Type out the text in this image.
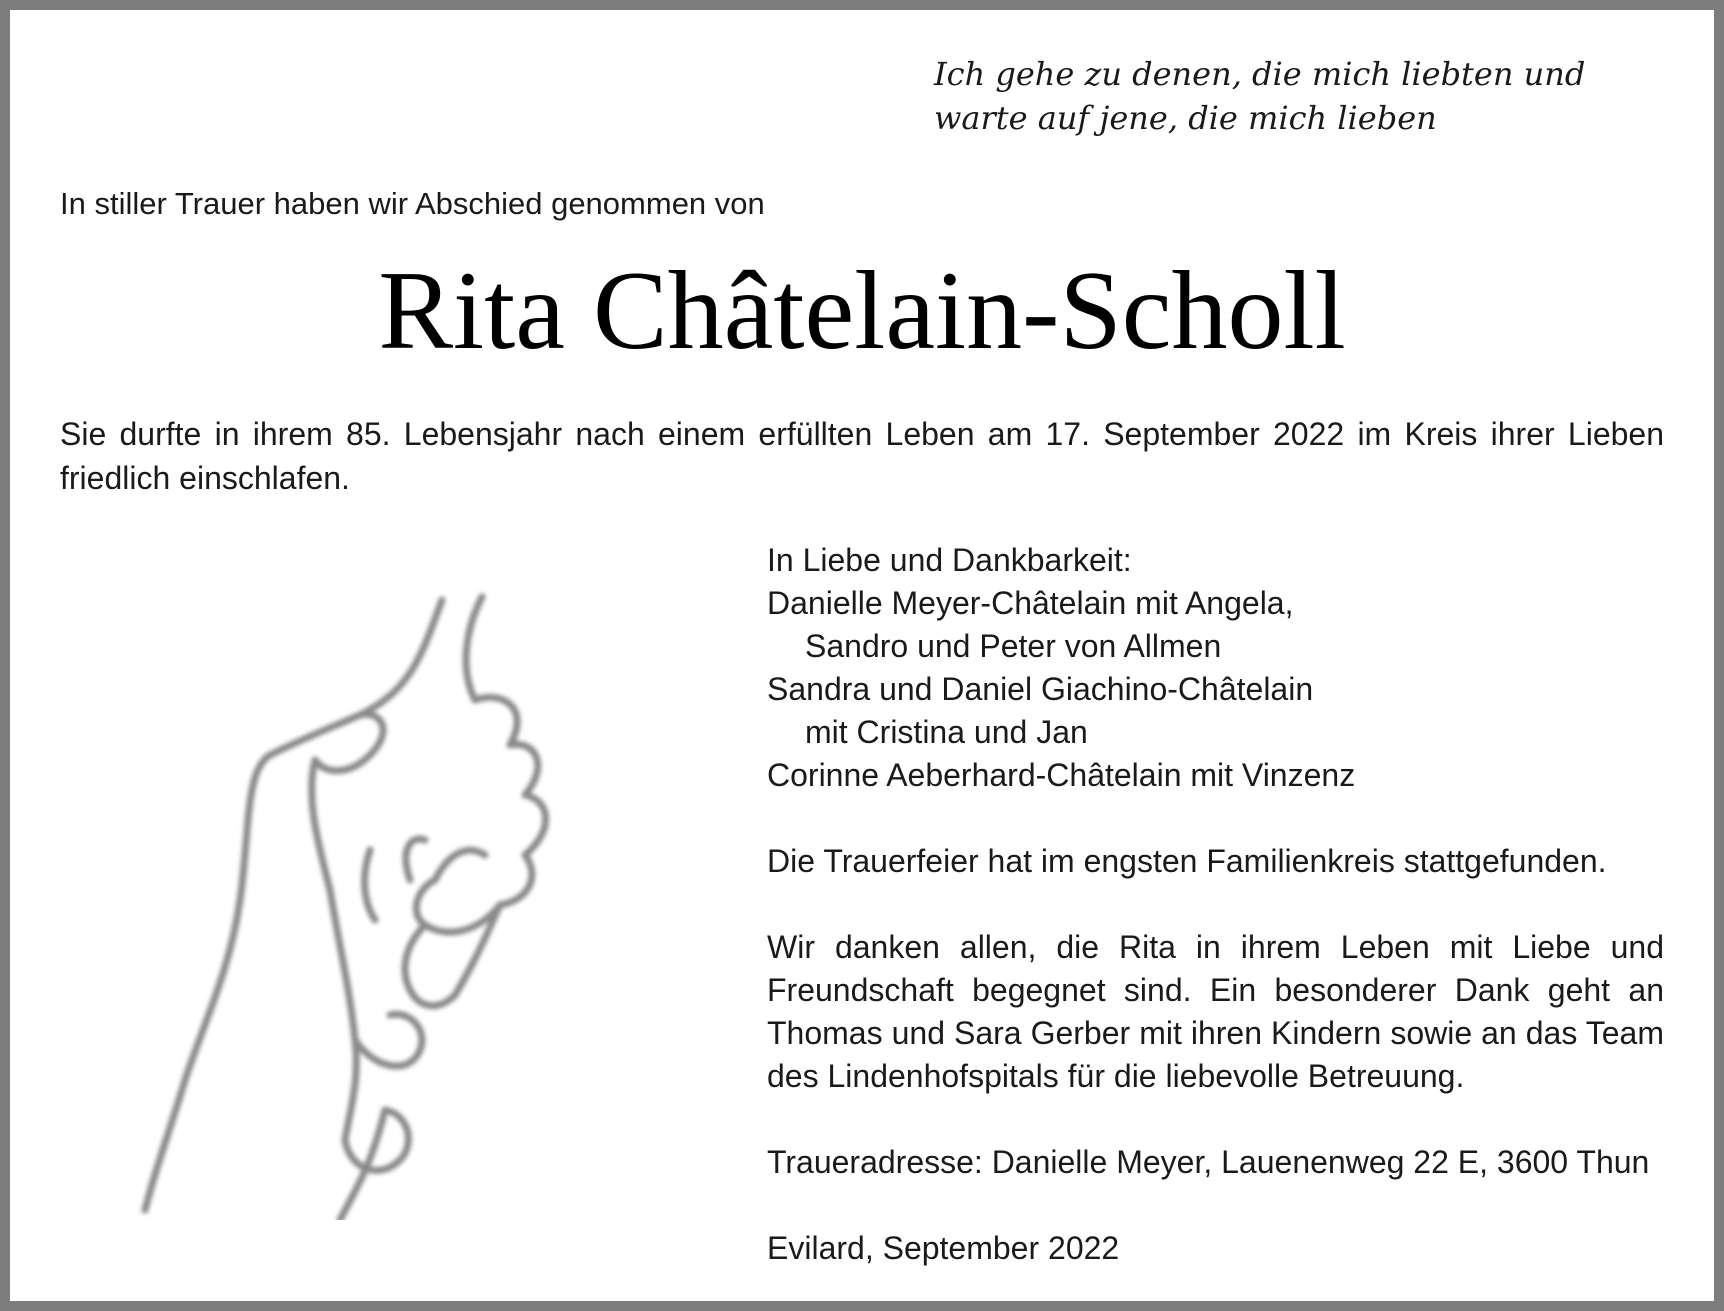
Ich gehe zu denen, die mich liebten und
warte auf jene, die mich lieben
In stiller Trauer haben wir Abschied genommen von
Rita Châtelain-Scholl
Sie durfte in ihrem 85. Lebensjahr nach einem erfüllten Leben am 17. September 2022 im Kreis ihrer Lieben friedlich einschlafen.
In Liebe und Dankbarkeit:
Danielle Meyer-Châtelain mit Angela,
Sandro und Peter von Allmen
Sandra und Daniel Giachino-Châtelain
mit Cristina und Jan
Corinne Aeberhard-Châtelain mit Vinzenz
Die Trauerfeier hat im engsten Familienkreis stattgefunden.
Wir danken allen, die Rita in ihrem Leben mit Liebe und
Freundschaft begegnet sind. Ein besonderer Dank geht an
Thomas und Sara Gerber mit ihren Kindern sowie an das Team
des Lindenhofspitals für die liebevolle Betreuung.
Traueradresse: Danielle Meyer, Lauenenweg 22 E, 3600 Thun
Evilard, September 2022
